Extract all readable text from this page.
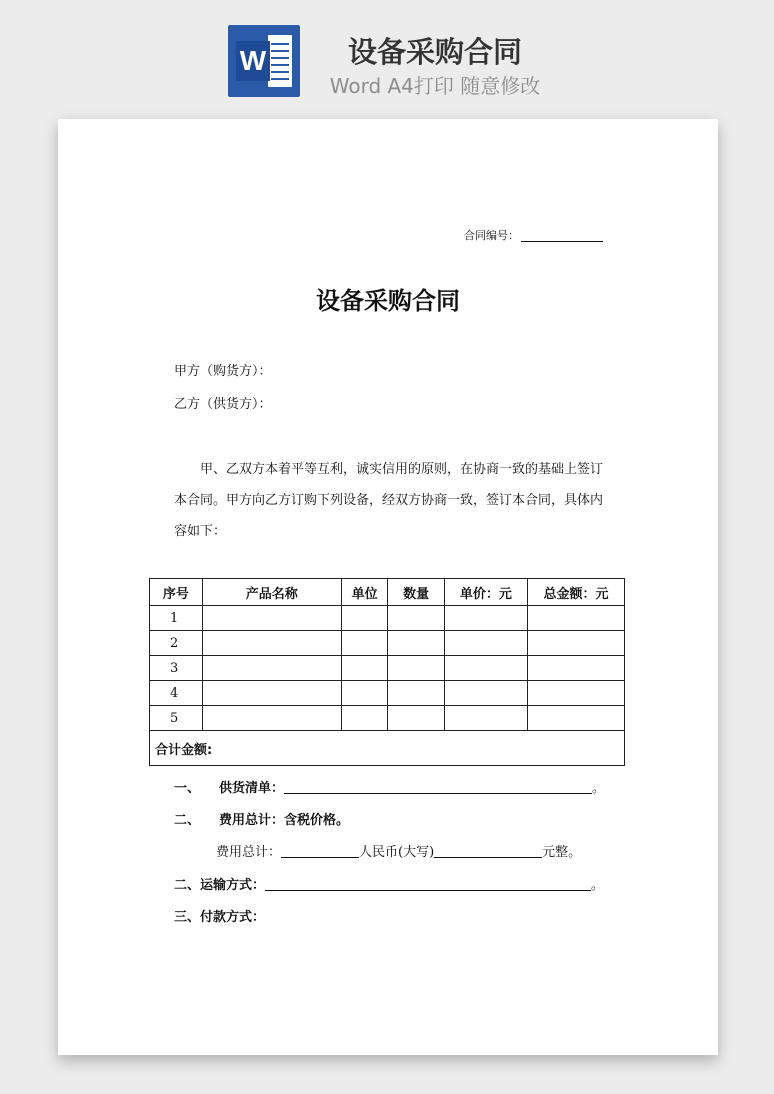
W	设备采购合同
Word A4打印 随意修改
合同编号：
设备采购合同
甲方（购货方）：
乙方（供货方）：
甲、乙双方本着平等互利，诚实信用的原则，在协商一致的基础上签订本合同。甲方向乙方订购下列设备，经双方协商一致，签订本合同，具体内容如下：
序号	产品名称	单位	数量	单价：元	总金额：元
1					
2					
3					
4					
5					
合计金额:					
一、 供货清单：	。
二、 费用总计：含税价格。
费用总计：	人民币(大写)	元整。
二、运输方式：	。
三、付款方式：
